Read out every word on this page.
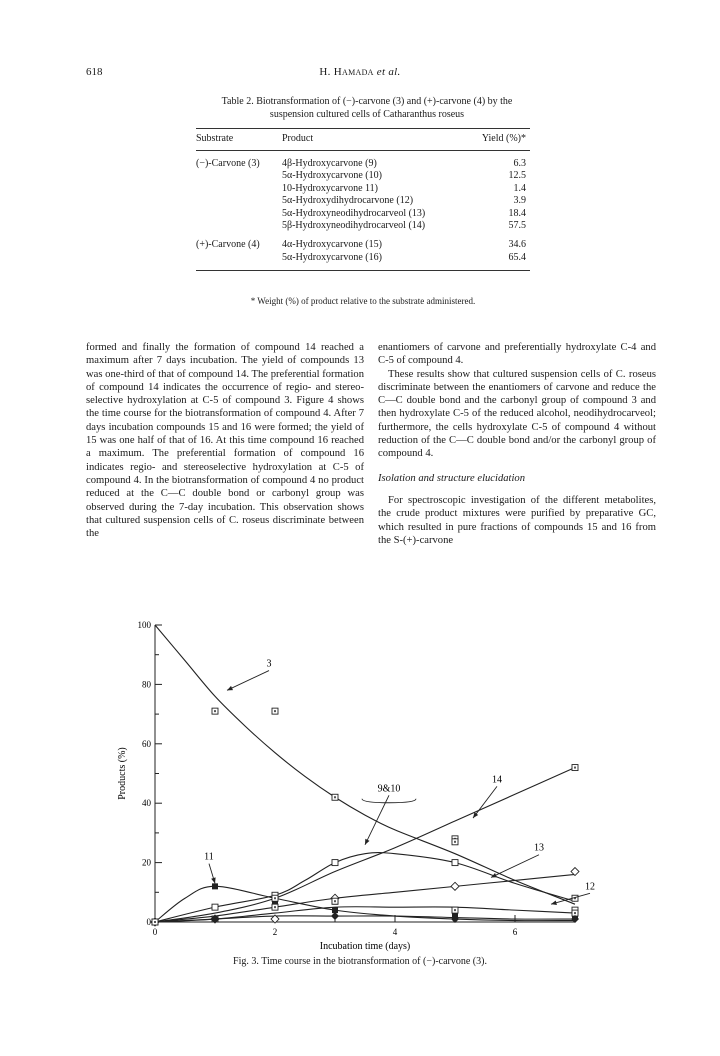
618	H. Hamada et al.
Table 2. Biotransformation of (−)-carvone (3) and (+)-carvone (4) by the
suspension cultured cells of Catharanthus roseus
Substrate	Product	Yield (%)*

(−)-Carvone (3)	4β-Hydroxycarvone (9)	6.3
	5α-Hydroxycarvone (10)	12.5
	10-Hydroxycarvone 11)	1.4
	5α-Hydroxydihydrocarvone (12)	3.9
	5α-Hydroxyneodihydrocarveol (13)	18.4
	5β-Hydroxyneodihydrocarveol (14)	57.5

(+)-Carvone (4)	4α-Hydroxycarvone (15)	34.6
	5α-Hydroxycarvone (16)	65.4
* Weight (%) of product relative to the substrate administered.

formed and finally the formation of compound 14 reached a maximum after 7 days incubation. The yield of compounds 13 was one-third of that of compound 14. The preferential formation of compound 14 indicates the occurrence of regio- and stereo-selective hydroxylation at C-5 of compound 3. Figure 4 shows the time course for the biotransformation of compound 4. After 7 days incubation compounds 15 and 16 were formed; the yield of 15 was one half of that of 16. At this time compound 16 reached a maximum. The preferential formation of compound 16 indicates regio- and stereoselective hydroxylation at C-5 of compound 4. In the biotransformation of compound 4 no product reduced at the C—C double bond or carbonyl group was observed during the 7-day incubation. This observation shows that cultured suspension cells of C. roseus discriminate between the

enantiomers of carvone and preferentially hydroxylate C-4 and C-5 of compound 4.

These results show that cultured suspension cells of C. roseus discriminate between the enantiomers of carvone and reduce the C—C double bond and the carbonyl group of compound 3 and then hydroxylate C-5 of the reduced alcohol, neodihydrocarveol; furthermore, the cells hydroxylate C-5 of compound 4 without reduction of the C—C double bond and/or the carbonyl group of compound 4.

Isolation and structure elucidation

For spectroscopic investigation of the different metabolites, the crude product mixtures were purified by preparative GC, which resulted in pure fractions of compounds 15 and 16 from the S-(+)-carvone

0
20
40
60
80
100
0	2	4	6
3
9&10
14
13
11
12
Incubation time (days)
Products (%)
Fig. 3. Time course in the biotransformation of (−)-carvone (3).
